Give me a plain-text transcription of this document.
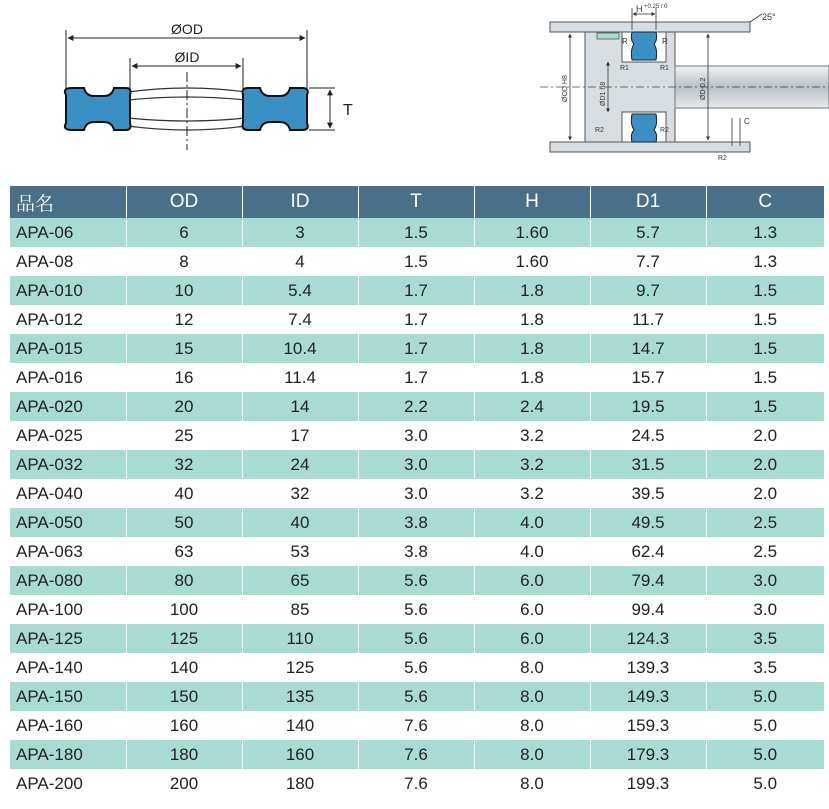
ØOD
ØID
T
H +0.25 / 0
25°
R	R
R1	R1
R2	R2
R2
ØOD H8	ØD1 h8	ØD-0.2
C
品名	OD	ID	T	H	D1	C
APA-06	6	3	1.5	1.60	5.7	1.3
APA-08	8	4	1.5	1.60	7.7	1.3
APA-010	10	5.4	1.7	1.8	9.7	1.5
APA-012	12	7.4	1.7	1.8	11.7	1.5
APA-015	15	10.4	1.7	1.8	14.7	1.5
APA-016	16	11.4	1.7	1.8	15.7	1.5
APA-020	20	14	2.2	2.4	19.5	1.5
APA-025	25	17	3.0	3.2	24.5	2.0
APA-032	32	24	3.0	3.2	31.5	2.0
APA-040	40	32	3.0	3.2	39.5	2.0
APA-050	50	40	3.8	4.0	49.5	2.5
APA-063	63	53	3.8	4.0	62.4	2.5
APA-080	80	65	5.6	6.0	79.4	3.0
APA-100	100	85	5.6	6.0	99.4	3.0
APA-125	125	110	5.6	6.0	124.3	3.5
APA-140	140	125	5.6	8.0	139.3	3.5
APA-150	150	135	5.6	8.0	149.3	5.0
APA-160	160	140	7.6	8.0	159.3	5.0
APA-180	180	160	7.6	8.0	179.3	5.0
APA-200	200	180	7.6	8.0	199.3	5.0
